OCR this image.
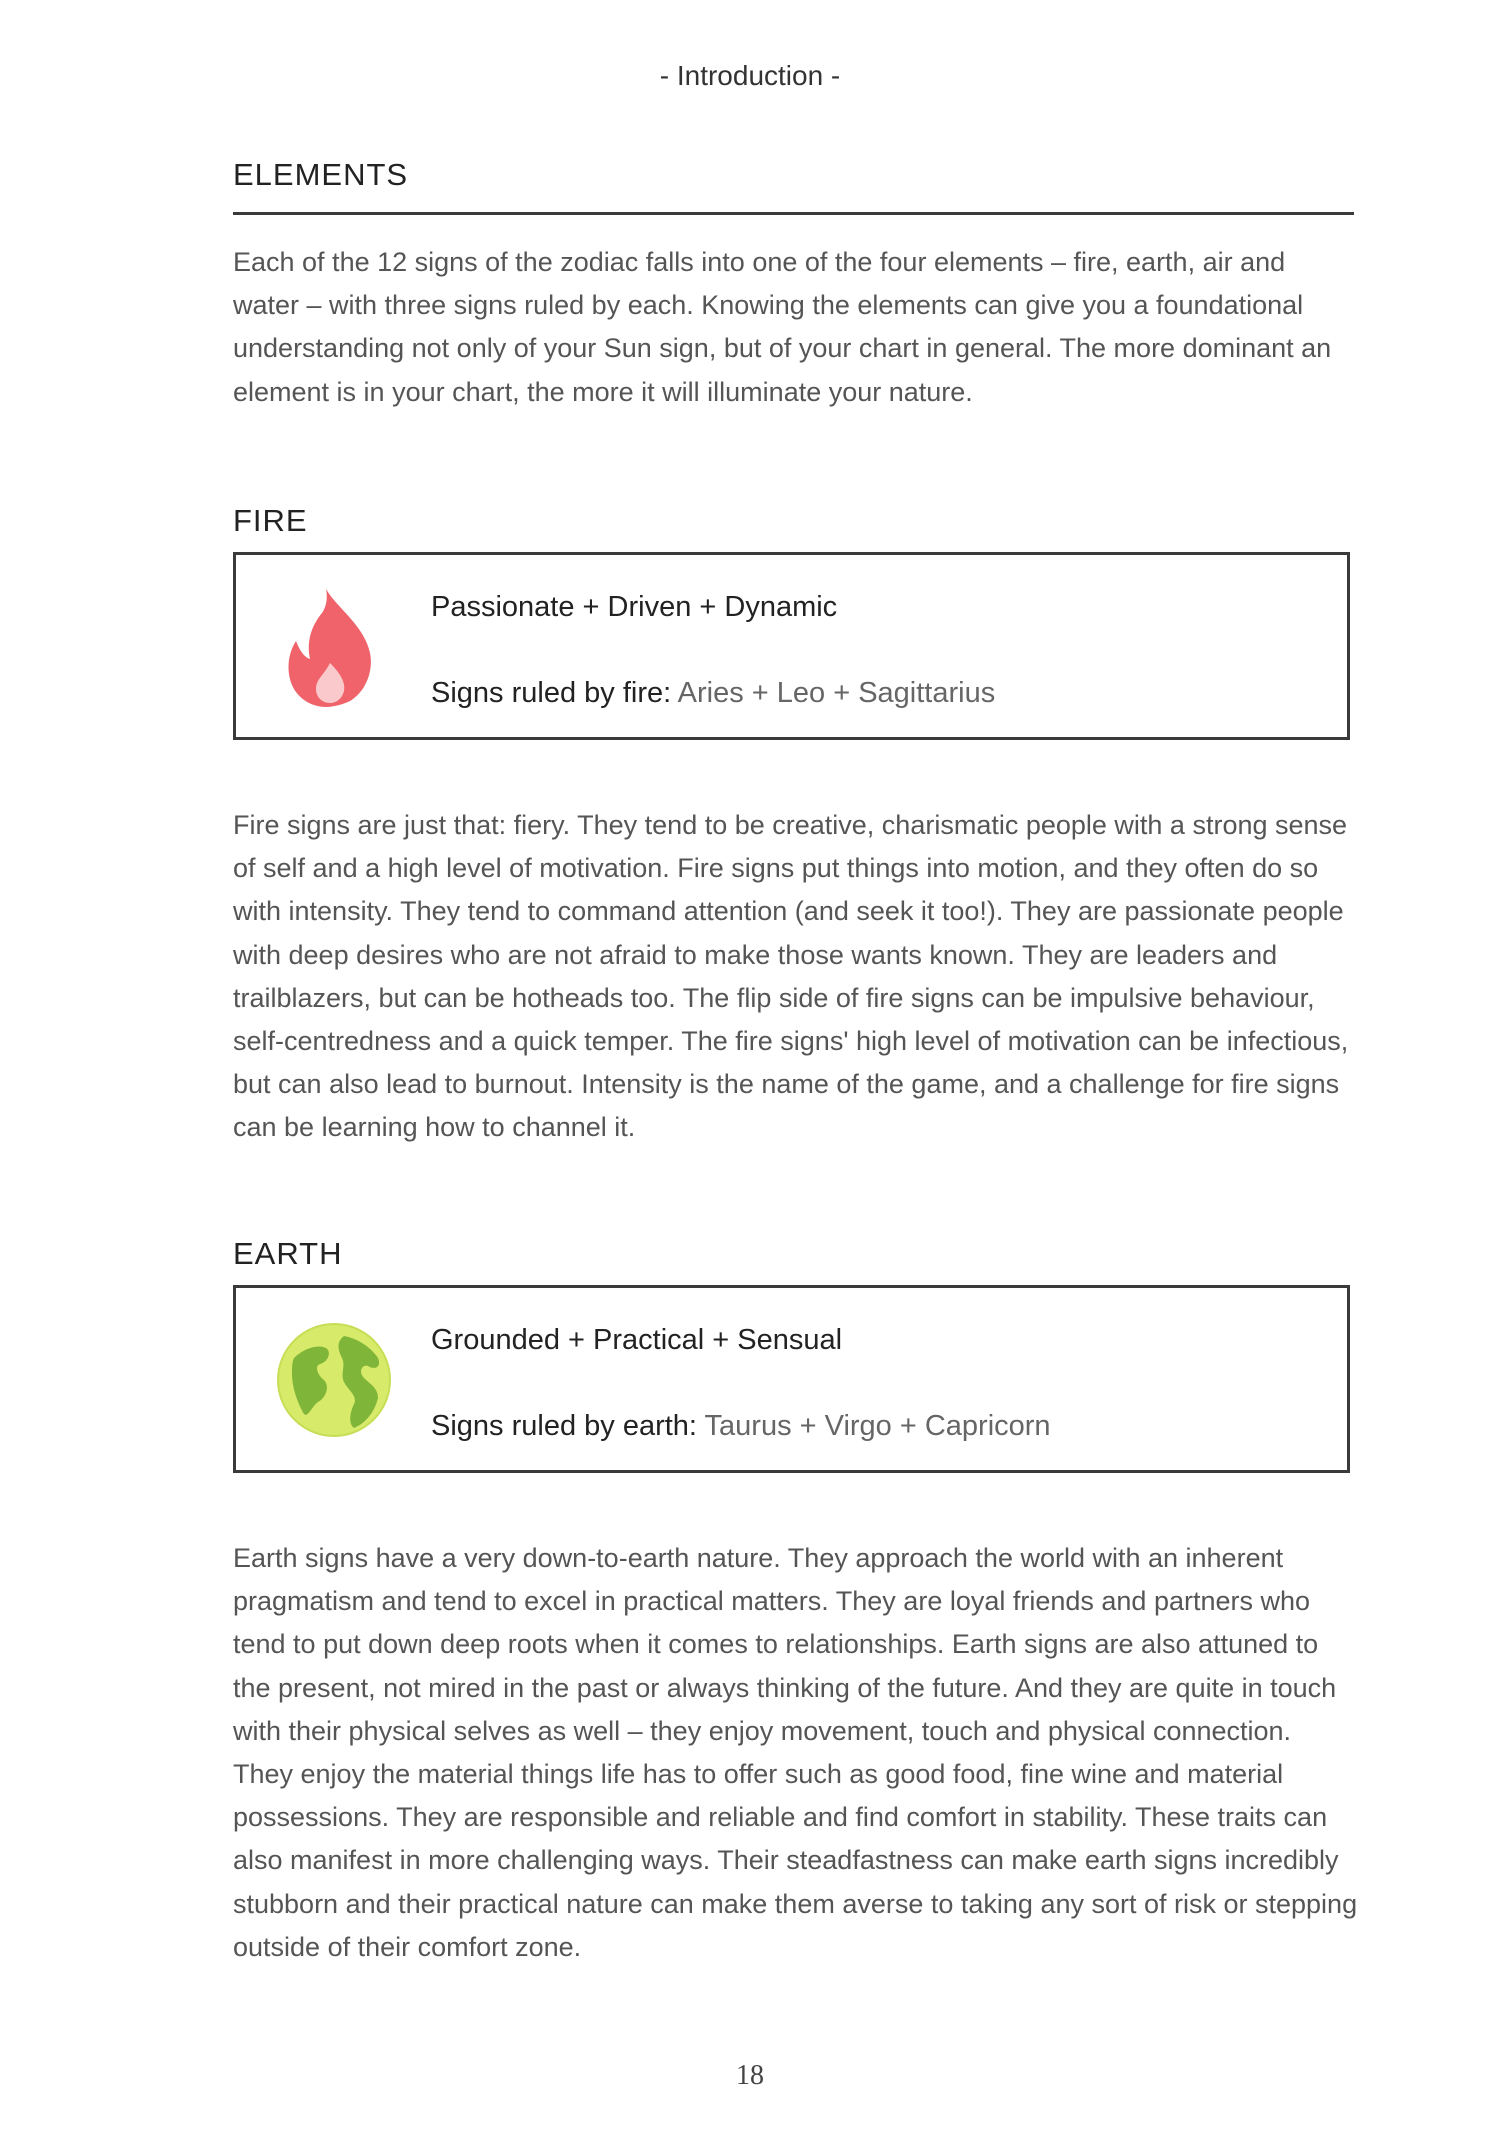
- Introduction -
ELEMENTS

Each of the 12 signs of the zodiac falls into one of the four elements – fire, earth, air and water – with three signs ruled by each. Knowing the elements can give you a foundational understanding not only of your Sun sign, but of your chart in general. The more dominant an element is in your chart, the more it will illuminate your nature.

FIRE

Passionate + Driven + Dynamic

Signs ruled by fire: Aries + Leo + Sagittarius

Fire signs are just that: fiery. They tend to be creative, charismatic people with a strong sense of self and a high level of motivation. Fire signs put things into motion, and they often do so with intensity. They tend to command attention (and seek it too!). They are passionate people with deep desires who are not afraid to make those wants known. They are leaders and trailblazers, but can be hotheads too. The flip side of fire signs can be impulsive behaviour, self-centredness and a quick temper. The fire signs' high level of motivation can be infectious, but can also lead to burnout. Intensity is the name of the game, and a challenge for fire signs can be learning how to channel it.

EARTH

Grounded + Practical + Sensual

Signs ruled by earth: Taurus + Virgo + Capricorn

Earth signs have a very down-to-earth nature. They approach the world with an inherent pragmatism and tend to excel in practical matters. They are loyal friends and partners who tend to put down deep roots when it comes to relationships. Earth signs are also attuned to the present, not mired in the past or always thinking of the future. And they are quite in touch with their physical selves as well – they enjoy movement, touch and physical connection. They enjoy the material things life has to offer such as good food, fine wine and material possessions. They are responsible and reliable and find comfort in stability. These traits can also manifest in more challenging ways. Their steadfastness can make earth signs incredibly stubborn and their practical nature can make them averse to taking any sort of risk or stepping outside of their comfort zone.

18
